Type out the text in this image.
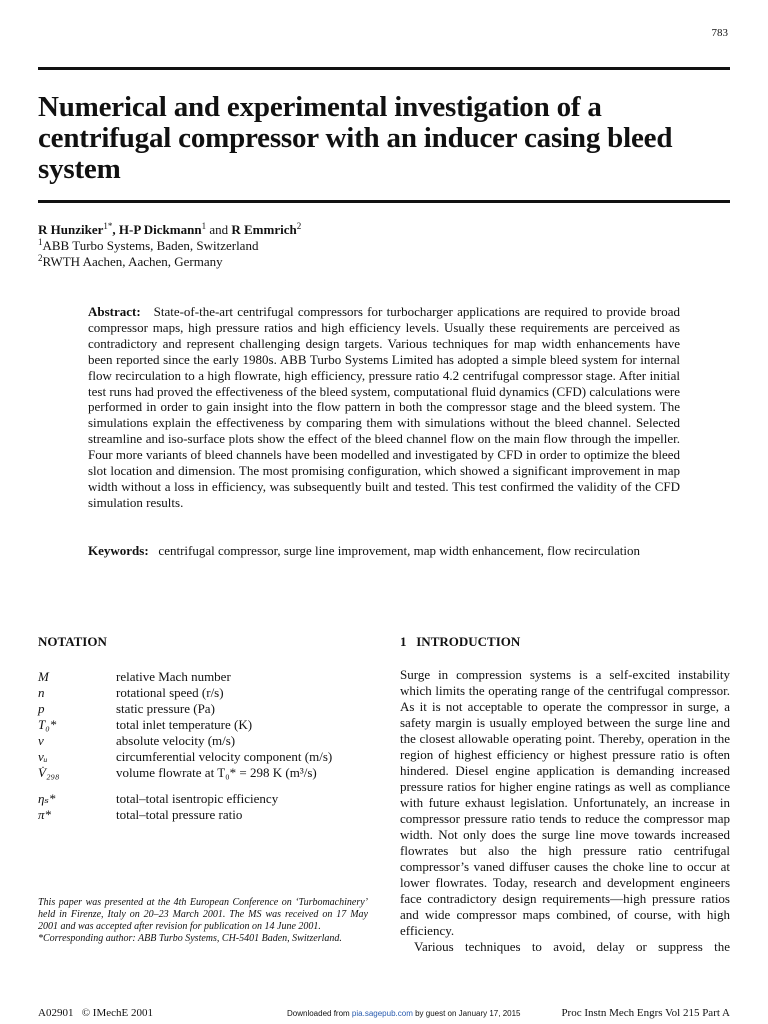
783
Numerical and experimental investigation of a centrifugal compressor with an inducer casing bleed system
R Hunziker$^{1*}$, H-P Dickmann$^1$ and R Emmrich$^2$
$^1$ABB Turbo Systems, Baden, Switzerland
$^2$RWTH Aachen, Aachen, Germany

Abstract: State-of-the-art centrifugal compressors for turbocharger applications are required to provide broad compressor maps, high pressure ratios and high efficiency levels. Usually these requirements are perceived as contradictory and represent challenging design targets. Various techniques for map width enhancements have been reported since the early 1980s. ABB Turbo Systems Limited has adopted a simple bleed system for internal flow recirculation to a high flowrate, high efficiency, pressure ratio 4.2 centrifugal compressor stage. After initial test runs had proved the effectiveness of the bleed system, computational fluid dynamics (CFD) calculations were performed in order to gain insight into the flow pattern in both the compressor stage and the bleed system. The simulations explain the effectiveness by comparing them with simulations without the bleed channel. Selected streamline and iso-surface plots show the effect of the bleed channel flow on the main flow through the impeller. Four more variants of bleed channels have been modelled and investigated by CFD in order to optimize the bleed slot location and dimension. The most promising configuration, which showed a significant improvement in map width without a loss in efficiency, was subsequently built and tested. This test confirmed the validity of the CFD simulation results.

Keywords: centrifugal compressor, surge line improvement, map width enhancement, flow recirculation

NOTATION
M	relative Mach number
n	rotational speed (r/s)
p	static pressure (Pa)
T₀*	total inlet temperature (K)
v	absolute velocity (m/s)
vᵤ	circumferential velocity component (m/s)
V̇₂₉₈	volume flowrate at T₀* = 298 K (m³/s)
ηₛ*	total–total isentropic efficiency
π*	total–total pressure ratio
1 INTRODUCTION

Surge in compression systems is a self-excited instability which limits the operating range of the centrifugal compressor. As it is not acceptable to operate the compressor in surge, a safety margin is usually employed between the surge line and the closest allowable operating point. Thereby, operation in the region of highest efficiency or highest pressure ratio is often hindered. Diesel engine application is demanding increased pressure ratios for higher engine ratings as well as compliance with future exhaust legislation. Unfortunately, an increase in compressor pressure ratio tends to reduce the compressor map width. Not only does the surge line move towards increased flowrates but also the high pressure ratio centrifugal compressor’s vaned diffuser causes the choke line to occur at lower flowrates. Today, research and development engineers face contradictory design requirements—high pressure ratios and wide compressor maps combined, of course, with high efficiency.

Various techniques to avoid, delay or suppress the

This paper was presented at the 4th European Conference on ‘Turbomachinery’ held in Firenze, Italy on 20–23 March 2001. The MS was received on 17 May 2001 and was accepted after revision for publication on 14 June 2001.

*Corresponding author: ABB Turbo Systems, CH-5401 Baden, Switzerland.

A02901   © IMechE 2001	Downloaded from pia.sagepub.com by guest on January 17, 2015	Proc Instn Mech Engrs Vol 215 Part A
